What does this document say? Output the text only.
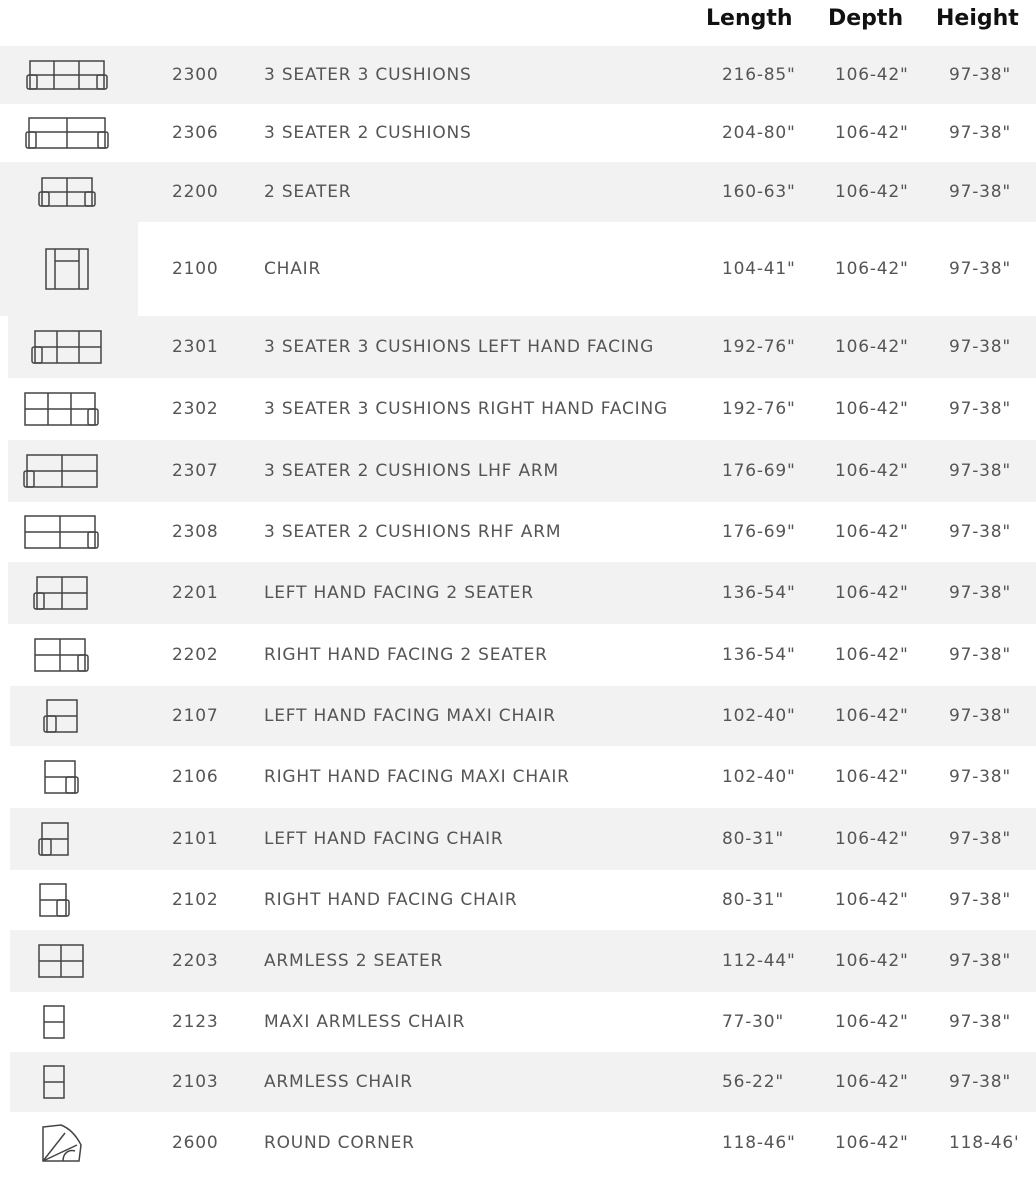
Length Depth Height
2300	3 SEATER 3 CUSHIONS	216-85" 106-42" 97-38"
2306	3 SEATER 2 CUSHIONS	204-80" 106-42" 97-38"
2200	2 SEATER	160-63" 106-42" 97-38"
2100	CHAIR	104-41" 106-42" 97-38"
2301	3 SEATER 3 CUSHIONS LEFT HAND FACING	192-76" 106-42" 97-38"
2302	3 SEATER 3 CUSHIONS RIGHT HAND FACING	192-76" 106-42" 97-38"
2307	3 SEATER 2 CUSHIONS LHF ARM	176-69" 106-42" 97-38"
2308	3 SEATER 2 CUSHIONS RHF ARM	176-69" 106-42" 97-38"
2201	LEFT HAND FACING 2 SEATER	136-54" 106-42" 97-38"
2202	RIGHT HAND FACING 2 SEATER	136-54" 106-42" 97-38"
2107	LEFT HAND FACING MAXI CHAIR	102-40" 106-42" 97-38"
2106	RIGHT HAND FACING MAXI CHAIR	102-40" 106-42" 97-38"
2101	LEFT HAND FACING CHAIR	80-31"	106-42" 97-38"
2102	RIGHT HAND FACING CHAIR	80-31"	106-42" 97-38"
2203	ARMLESS 2 SEATER	112-44" 106-42" 97-38"
2123	MAXI ARMLESS CHAIR	77-30"	106-42" 97-38"
2103	ARMLESS CHAIR	56-22"	106-42" 97-38"
2600	ROUND CORNER	118-46" 106-42" 118-46'
